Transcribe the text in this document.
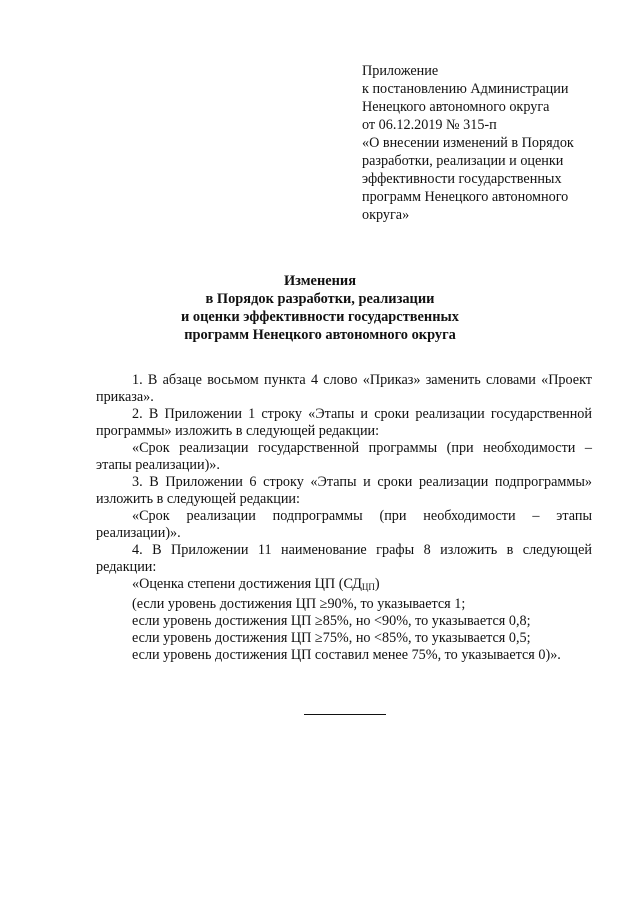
Приложение
к постановлению Администрации
Ненецкого автономного округа
от 06.12.2019 № 315-п
«О внесении изменений в Порядок
разработки, реализации и оценки
эффективности государственных
программ Ненецкого автономного
округа»
Изменения
в Порядок разработки, реализации
и оценки эффективности государственных
программ Ненецкого автономного округа
1. В абзаце восьмом пункта 4 слово «Приказ» заменить словами «Проект приказа».
2. В Приложении 1 строку «Этапы и сроки реализации государственной программы» изложить в следующей редакции:
«Срок реализации государственной программы (при необходимости – этапы реализации)».
3. В Приложении 6 строку «Этапы и сроки реализации подпрограммы» изложить в следующей редакции:
«Срок реализации подпрограммы (при необходимости – этапы реализации)».
4. В Приложении 11 наименование графы 8 изложить в следующей редакции:
«Оценка степени достижения ЦП $(СД_{ЦП})$
(если уровень достижения ЦП ≥90%, то указывается 1;
если уровень достижения ЦП ≥85%, но <90%, то указывается 0,8;
если уровень достижения ЦП ≥75%, но <85%, то указывается 0,5;
если уровень достижения ЦП составил менее 75%, то указывается 0)».
